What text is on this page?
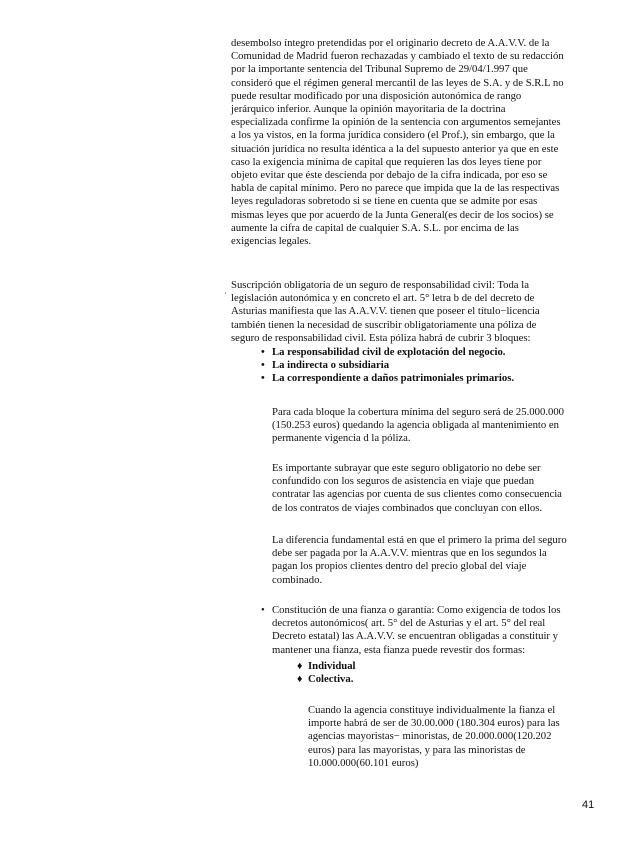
desembolso íntegro pretendidas por el originario decreto de A.A.V.V. de la
Comunidad de Madrid fueron rechazadas y cambiado el texto de su redacción
por la importante sentencia del Tribunal Supremo de 29/04/1.997 que
consideró que el régimen general mercantil de las leyes de S.A. y de S.R.L no
puede resultar modificado por una disposición autonómica de rango
jerárquico inferior. Aunque la opinión mayoritaria de la doctrina
especializada confirme la opinión de la sentencia con argumentos semejantes
a los ya vistos, en la forma jurídica considero (el Prof.), sin embargo, que la
situación jurídica no resulta idéntica a la del supuesto anterior ya que en este
caso la exigencia mínima de capital que requieren las dos leyes tiene por
objeto evitar que éste descienda por debajo de la cifra indicada, por eso se
habla de capital mínimo. Pero no parece que impida que la de las respectivas
leyes reguladoras sobretodo si se tiene en cuenta que se admite por esas
mismas leyes que por acuerdo de la Junta General(es decir de los socios) se
aumente la cifra de capital de cualquier S.A. S.L. por encima de las
exigencias legales.
·
Suscripción obligatoria de un seguro de responsabilidad civil: Toda la
legislación autonómica y en concreto el art. 5° letra b de del decreto de
Asturias manifiesta que las A.A.V.V. tienen que poseer el título−licencia
también tienen la necesidad de suscribir obligatoriamente una póliza de
seguro de responsabilidad civil. Esta póliza habrá de cubrir 3 bloques:
• La responsabilidad civil de explotación del negocio.
• La indirecta o subsidiaria
• La correspondiente a daños patrimoniales primarios.
Para cada bloque la cobertura mínima del seguro será de 25.000.000
(150.253 euros) quedando la agencia obligada al mantenimiento en
permanente vigencia d la póliza.
Es importante subrayar que este seguro obligatorio no debe ser
confundido con los seguros de asistencia en viaje que puedan
contratar las agencias por cuenta de sus clientes como consecuencia
de los contratos de viajes combinados que concluyan con ellos.
La diferencia fundamental está en que el primero la prima del seguro
debe ser pagada por la A.A.V.V. mientras que en los segundos la
pagan los propios clientes dentro del precio global del viaje
combinado.
• Constitución de una fianza o garantía: Como exigencia de todos los
decretos autonómicos( art. 5° del de Asturias y el art. 5° del real
Decreto estatal) las A.A.V.V. se encuentran obligadas a constituir y
mantener una fianza, esta fianza puede revestir dos formas:
♦ Individual
♦ Colectiva.
Cuando la agencia constituye individualmente la fianza el
importe habrá de ser de 30.00.000 (180.304 euros) para las
agencias mayoristas− minoristas, de 20.000.000(120.202
euros) para las mayoristas, y para las minoristas de
10.000.000(60.101 euros)
41
